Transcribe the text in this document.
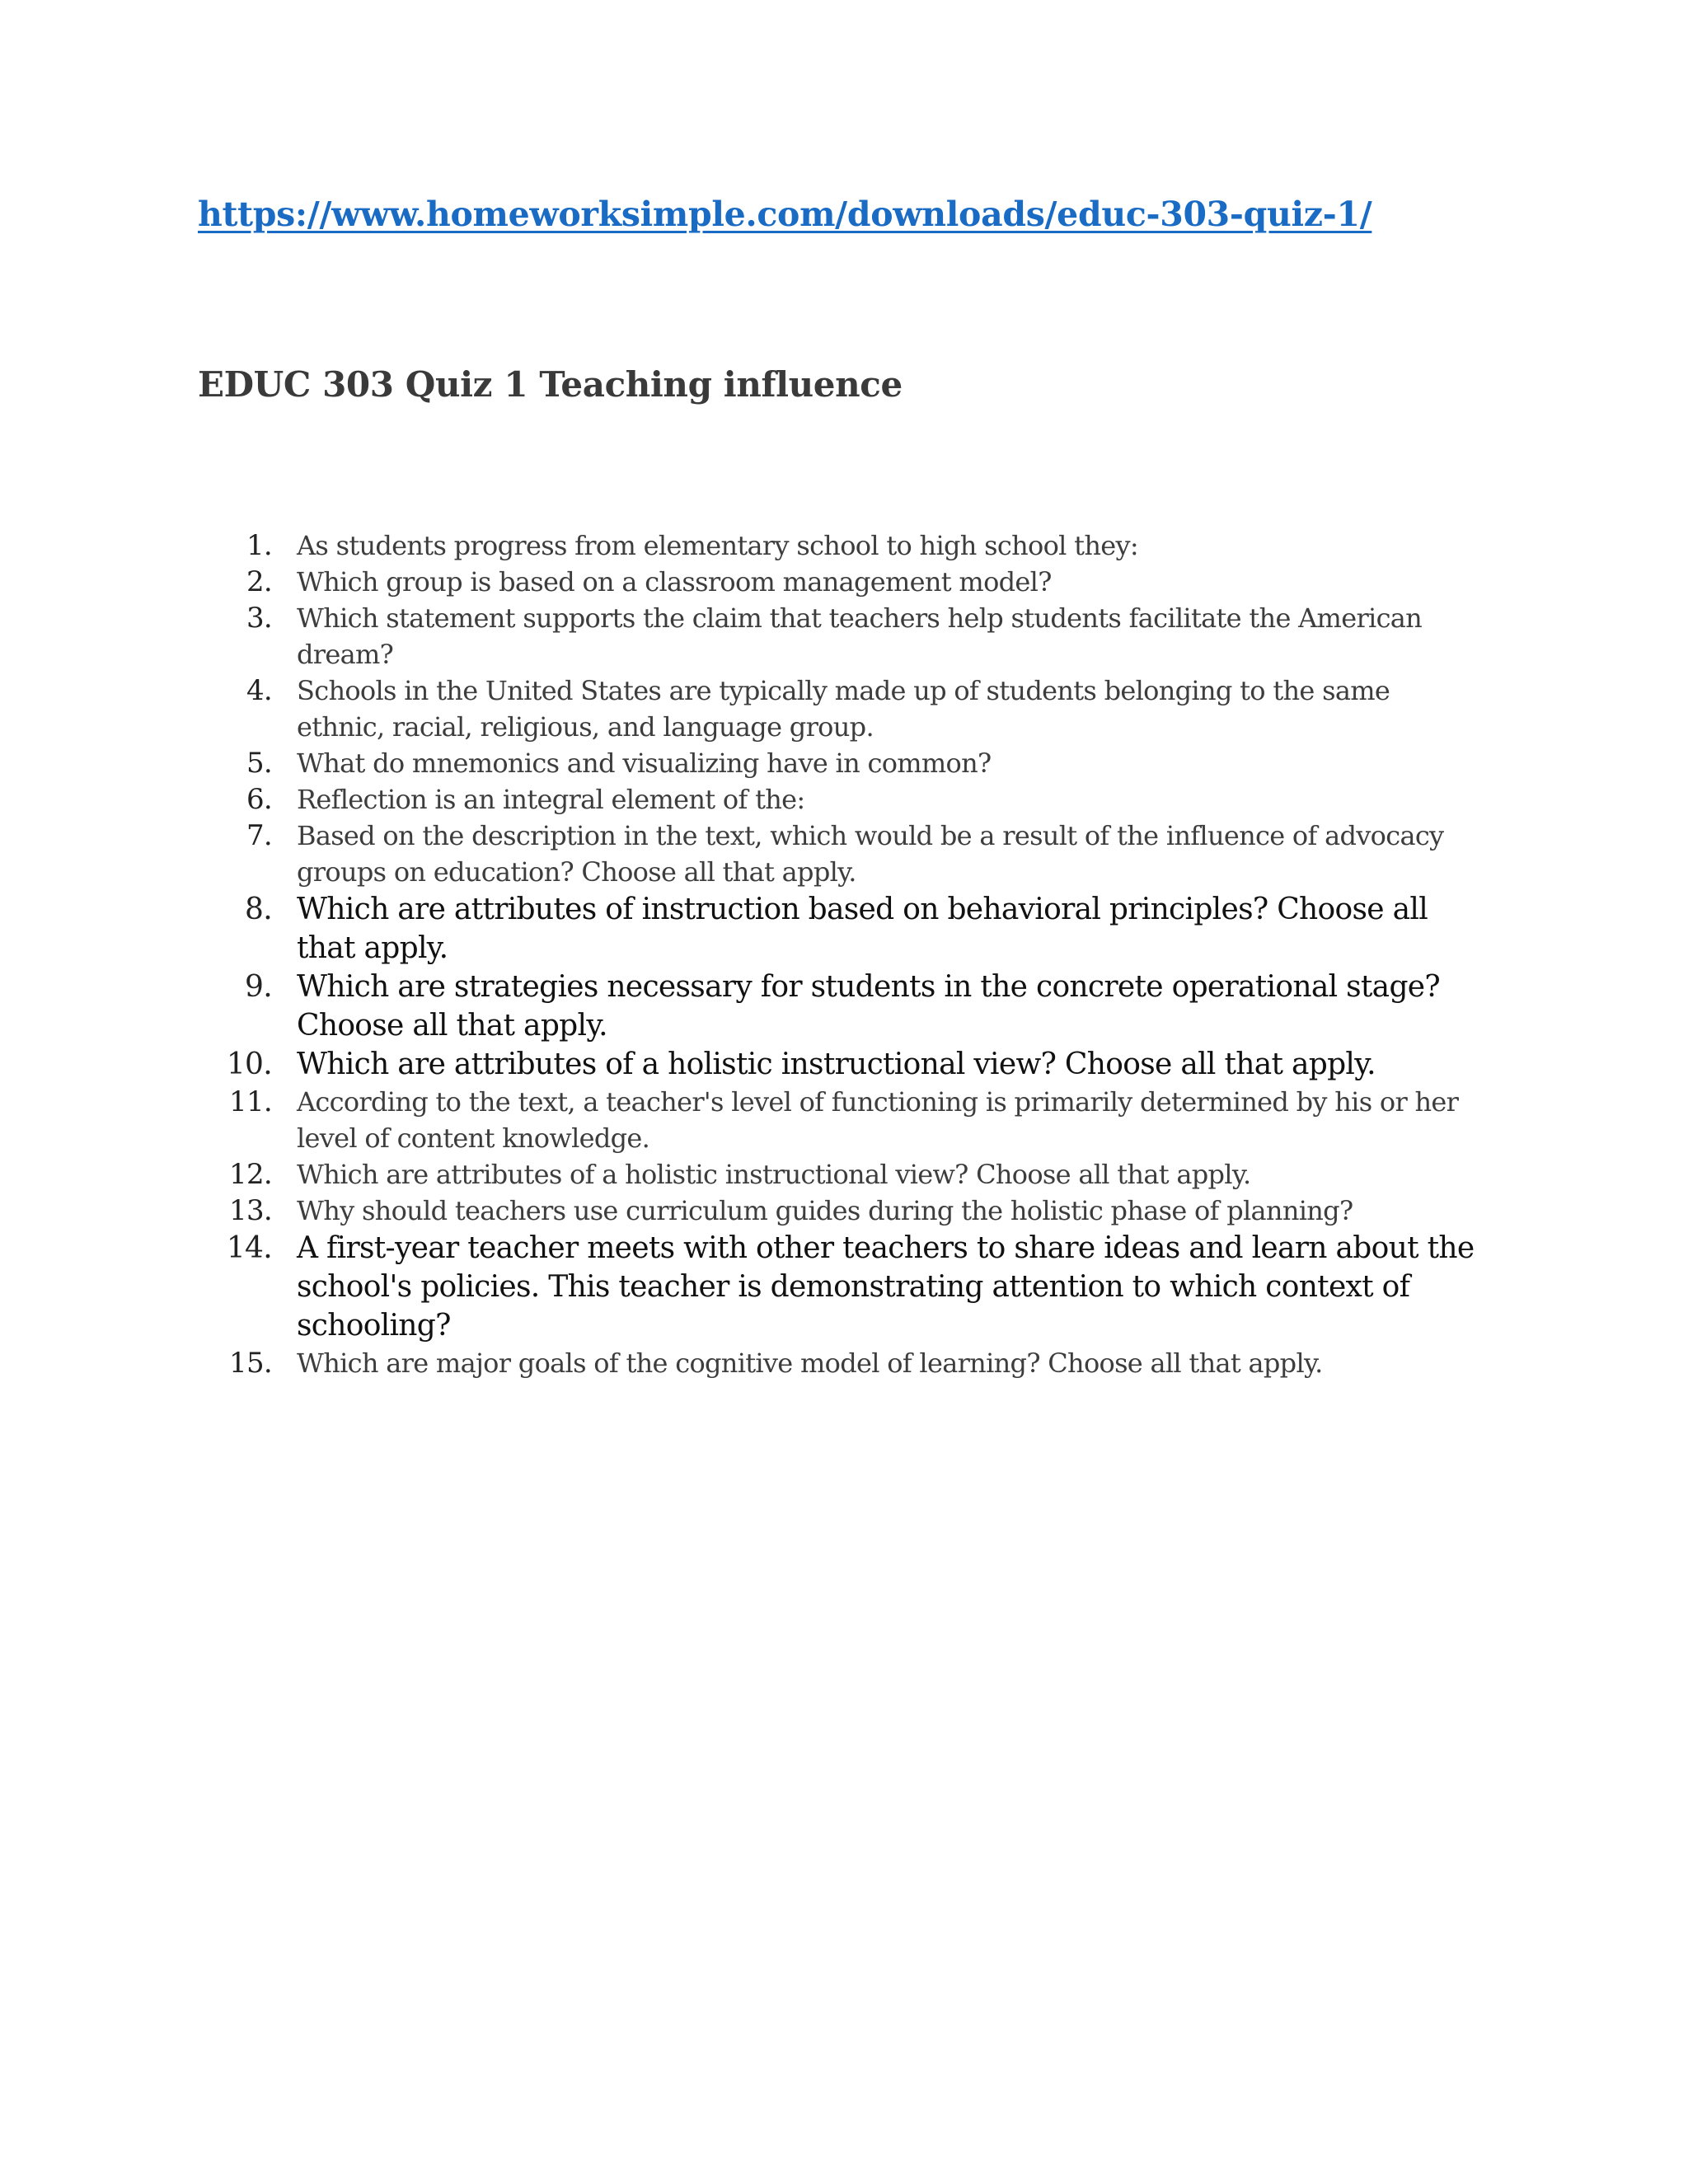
https://www.homeworksimple.com/downloads/educ-303-quiz-1/
EDUC 303 Quiz 1 Teaching influence
1. As students progress from elementary school to high school they:
2. Which group is based on a classroom management model?
3. Which statement supports the claim that teachers help students facilitate the American dream?
4. Schools in the United States are typically made up of students belonging to the same ethnic, racial, religious, and language group.
5. What do mnemonics and visualizing have in common?
6. Reflection is an integral element of the:
7. Based on the description in the text, which would be a result of the influence of advocacy groups on education? Choose all that apply.
8. Which are attributes of instruction based on behavioral principles? Choose all that apply.
9. Which are strategies necessary for students in the concrete operational stage? Choose all that apply.
10. Which are attributes of a holistic instructional view? Choose all that apply.
11. According to the text, a teacher's level of functioning is primarily determined by his or her level of content knowledge.
12. Which are attributes of a holistic instructional view? Choose all that apply.
13. Why should teachers use curriculum guides during the holistic phase of planning?
14. A first-year teacher meets with other teachers to share ideas and learn about the school's policies. This teacher is demonstrating attention to which context of schooling?
15. Which are major goals of the cognitive model of learning? Choose all that apply.
